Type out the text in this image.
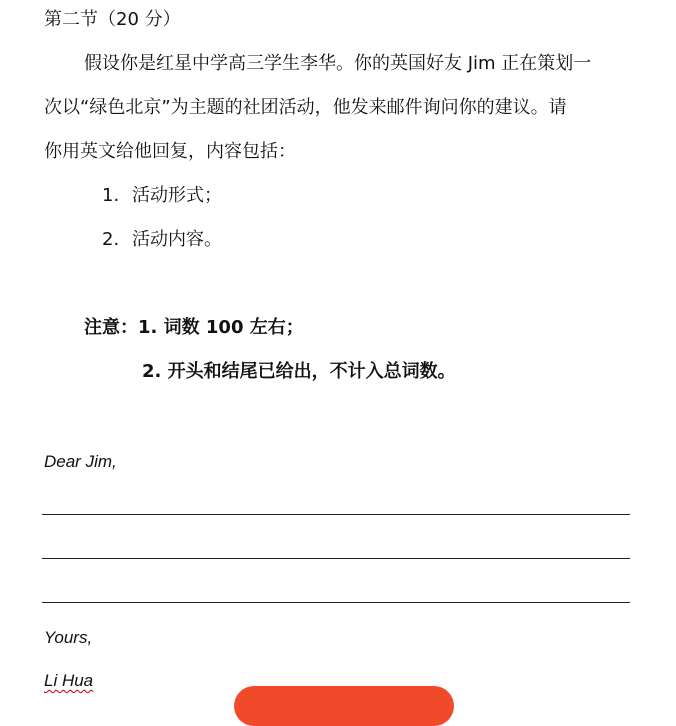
第二节（20 分）
假设你是红星中学高三学生李华。你的英国好友 Jim 正在策划一
次以“绿色北京”为主题的社团活动，他发来邮件询问你的建议。请
你用英文给他回复，内容包括：
1. 活动形式；
2. 活动内容。
注意：1. 词数 100 左右；
2. 开头和结尾已给出，不计入总词数。
Dear Jim,
Yours,
Li Hua
